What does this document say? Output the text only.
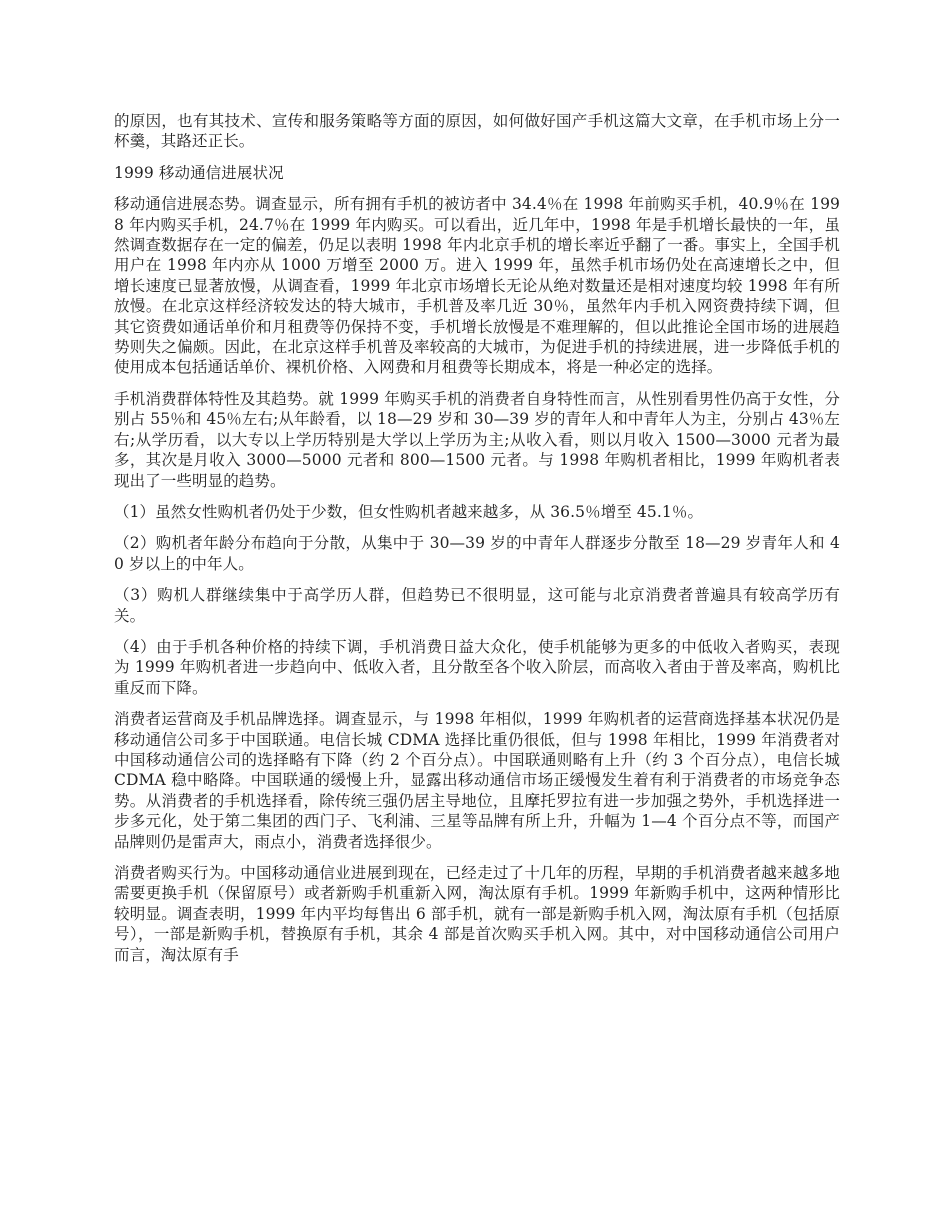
的原因，也有其技术、宣传和服务策略等方面的原因，如何做好国产手机这篇大文章，在手机市场上分一杯羹，其路还正长。

1999 移动通信进展状况

移动通信进展态势。调查显示，所有拥有手机的被访者中 34.4％在 1998 年前购买手机，40.9％在 1998 年内购买手机，24.7％在 1999 年内购买。可以看出，近几年中，1998 年是手机增长最快的一年，虽然调查数据存在一定的偏差，仍足以表明 1998 年内北京手机的增长率近乎翻了一番。事实上，全国手机用户在 1998 年内亦从 1000 万增至 2000 万。进入 1999 年，虽然手机市场仍处在高速增长之中，但增长速度已显著放慢，从调查看，1999 年北京市场增长无论从绝对数量还是相对速度均较 1998 年有所放慢。在北京这样经济较发达的特大城市，手机普及率几近 30％，虽然年内手机入网资费持续下调，但其它资费如通话单价和月租费等仍保持不变，手机增长放慢是不难理解的，但以此推论全国市场的进展趋势则失之偏颇。因此，在北京这样手机普及率较高的大城市，为促进手机的持续进展，进一步降低手机的使用成本包括通话单价、裸机价格、入网费和月租费等长期成本，将是一种必定的选择。

手机消费群体特性及其趋势。就 1999 年购买手机的消费者自身特性而言，从性别看男性仍高于女性，分别占 55％和 45％左右;从年龄看，以 18—29 岁和 30—39 岁的青年人和中青年人为主，分别占 43％左右;从学历看，以大专以上学历特别是大学以上学历为主;从收入看，则以月收入 1500—3000 元者为最多，其次是月收入 3000—5000 元者和 800—1500 元者。与 1998 年购机者相比，1999 年购机者表现出了一些明显的趋势。

（1）虽然女性购机者仍处于少数，但女性购机者越来越多，从 36.5％增至 45.1％。

（2）购机者年龄分布趋向于分散，从集中于 30—39 岁的中青年人群逐步分散至 18—29 岁青年人和 40 岁以上的中年人。

（3）购机人群继续集中于高学历人群，但趋势已不很明显，这可能与北京消费者普遍具有较高学历有关。

（4）由于手机各种价格的持续下调，手机消费日益大众化，使手机能够为更多的中低收入者购买，表现为 1999 年购机者进一步趋向中、低收入者，且分散至各个收入阶层，而高收入者由于普及率高，购机比重反而下降。

消费者运营商及手机品牌选择。调查显示，与 1998 年相似，1999 年购机者的运营商选择基本状况仍是移动通信公司多于中国联通。电信长城 CDMA 选择比重仍很低，但与 1998 年相比，1999 年消费者对中国移动通信公司的选择略有下降（约 2 个百分点）。中国联通则略有上升（约 3 个百分点），电信长城 CDMA 稳中略降。中国联通的缓慢上升，显露出移动通信市场正缓慢发生着有利于消费者的市场竞争态势。从消费者的手机选择看，除传统三强仍居主导地位，且摩托罗拉有进一步加强之势外，手机选择进一步多元化，处于第二集团的西门子、飞利浦、三星等品牌有所上升，升幅为 1—4 个百分点不等，而国产品牌则仍是雷声大，雨点小，消费者选择很少。

消费者购买行为。中国移动通信业进展到现在，已经走过了十几年的历程，早期的手机消费者越来越多地需要更换手机（保留原号）或者新购手机重新入网，淘汰原有手机。1999 年新购手机中，这两种情形比较明显。调查表明，1999 年内平均每售出 6 部手机，就有一部是新购手机入网，淘汰原有手机（包括原号），一部是新购手机，替换原有手机，其余 4 部是首次购买手机入网。其中，对中国移动通信公司用户而言，淘汰原有手
